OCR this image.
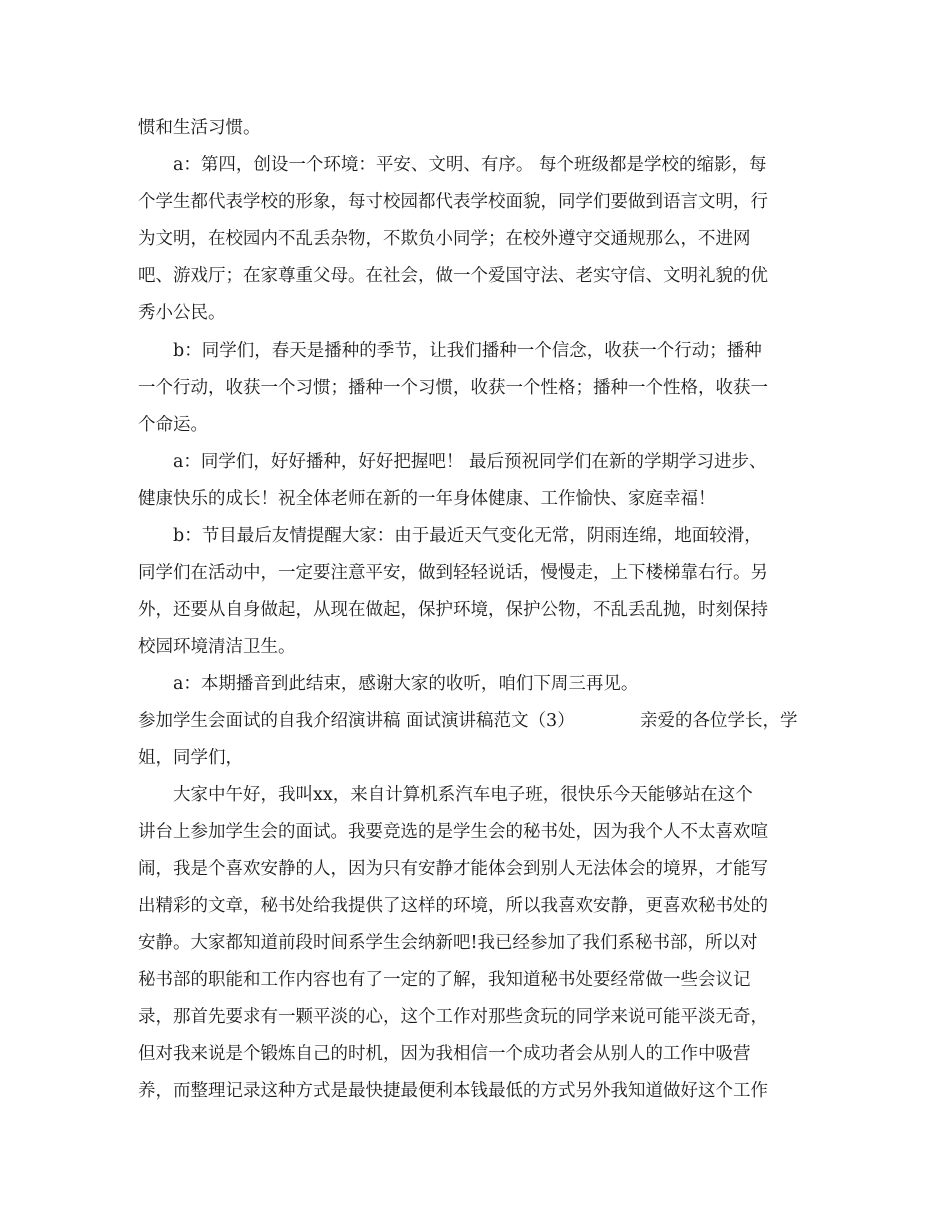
惯和生活习惯。

a：第四，创设一个环境：平安、文明、有序。 每个班级都是学校的缩影，每

个学生都代表学校的形象，每寸校园都代表学校面貌，同学们要做到语言文明，行

为文明，在校园内不乱丢杂物，不欺负小同学；在校外遵守交通规那么，不进网

吧、游戏厅；在家尊重父母。在社会，做一个爱国守法、老实守信、文明礼貌的优

秀小公民。

b：同学们，春天是播种的季节，让我们播种一个信念，收获一个行动；播种

一个行动，收获一个习惯；播种一个习惯，收获一个性格；播种一个性格，收获一

个命运。

a：同学们，好好播种，好好把握吧！ 最后预祝同学们在新的学期学习进步、

健康快乐的成长！祝全体老师在新的一年身体健康、工作愉快、家庭幸福！

b：节目最后友情提醒大家：由于最近天气变化无常，阴雨连绵，地面较滑，

同学们在活动中，一定要注意平安，做到轻轻说话，慢慢走，上下楼梯靠右行。另

外，还要从自身做起，从现在做起，保护环境，保护公物，不乱丢乱抛，时刻保持

校园环境清洁卫生。

a：本期播音到此结束，感谢大家的收听，咱们下周三再见。

参加学生会面试的自我介绍演讲稿 面试演讲稿范文（3）	亲爱的各位学长，学

姐，同学们，

大家中午好，我叫xx，来自计算机系汽车电子班，很快乐今天能够站在这个

讲台上参加学生会的面试。我要竞选的是学生会的秘书处，因为我个人不太喜欢喧

闹，我是个喜欢安静的人，因为只有安静才能体会到别人无法体会的境界，才能写

出精彩的文章，秘书处给我提供了这样的环境，所以我喜欢安静，更喜欢秘书处的

安静。大家都知道前段时间系学生会纳新吧!我已经参加了我们系秘书部，所以对

秘书部的职能和工作内容也有了一定的了解，我知道秘书处要经常做一些会议记

录，那首先要求有一颗平淡的心，这个工作对那些贪玩的同学来说可能平淡无奇，

但对我来说是个锻炼自己的时机，因为我相信一个成功者会从别人的工作中吸营

养，而整理记录这种方式是最快捷最便利本钱最低的方式另外我知道做好这个工作
